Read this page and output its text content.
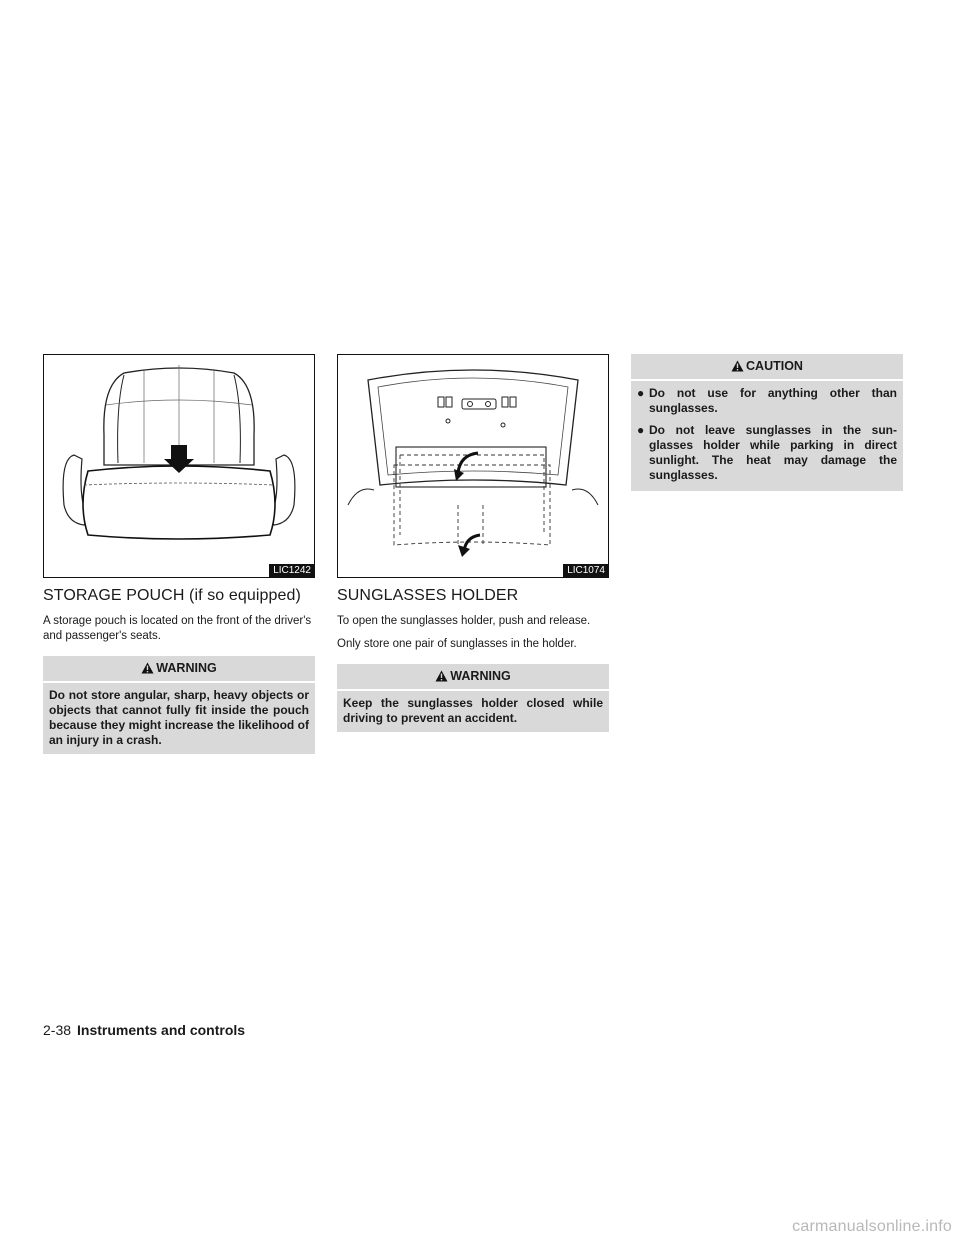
LIC1242
STORAGE POUCH (if so equipped)

A storage pouch is located on the front of the driver's and passenger's seats.

WARNING
Do not store angular, sharp, heavy objects or objects that cannot fully fit inside the pouch because they might increase the likelihood of an injury in a crash.
LIC1074
SUNGLASSES HOLDER

To open the sunglasses holder, push and release.

Only store one pair of sunglasses in the holder.

WARNING
Keep the sunglasses holder closed while driving to prevent an accident.
CAUTION
● Do not use for anything other than sunglasses.
● Do not leave sunglasses in the sun-glasses holder while parking in direct sunlight. The heat may damage the sunglasses.
2-38 Instruments and controls
carmanualsonline.info
